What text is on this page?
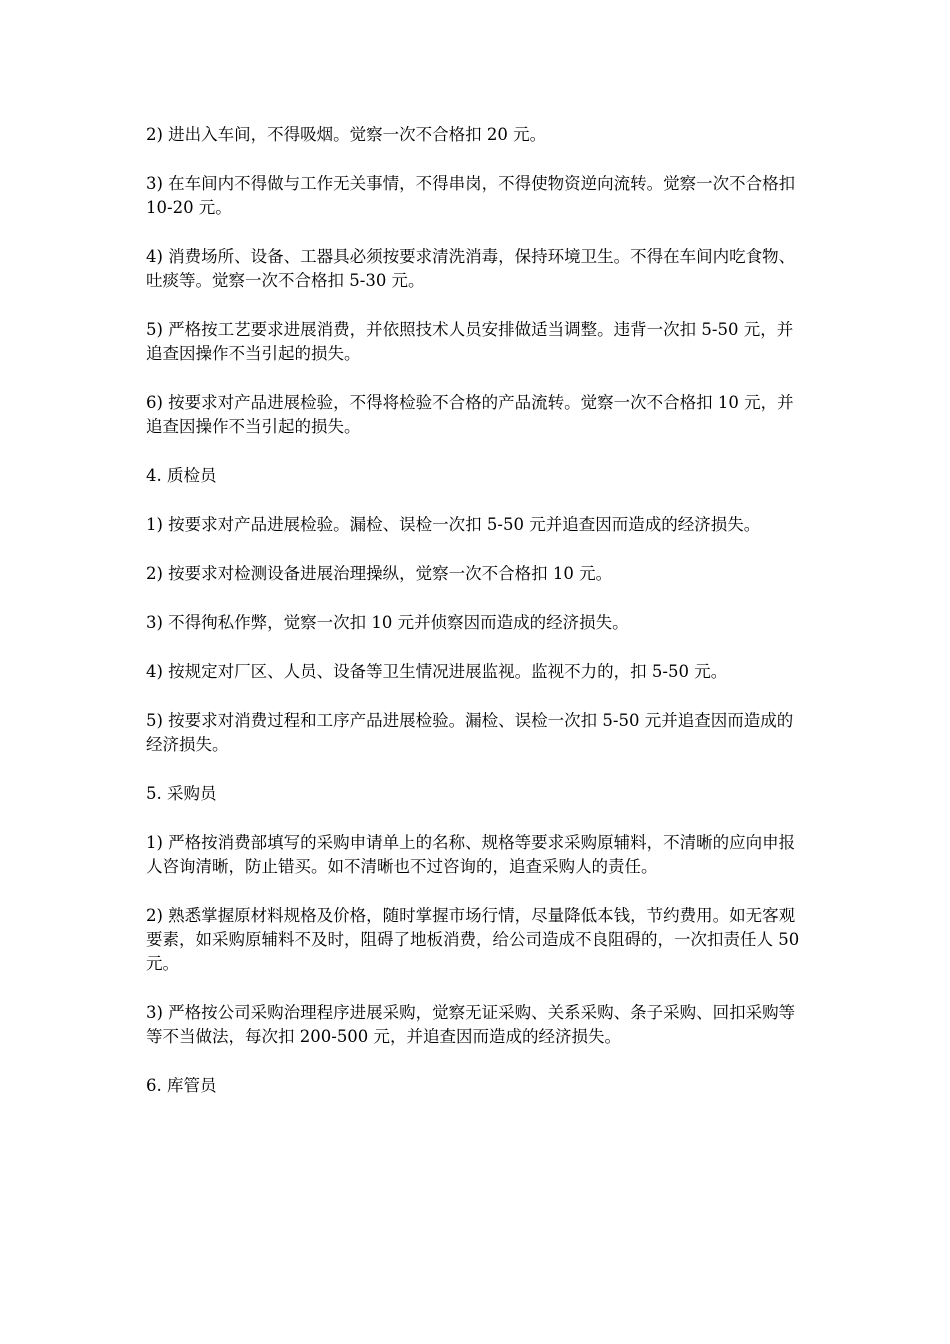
2) 进出入车间，不得吸烟。觉察一次不合格扣 20 元。

3) 在车间内不得做与工作无关事情，不得串岗，不得使物资逆向流转。觉察一次不合格扣 10-20 元。

4) 消费场所、设备、工器具必须按要求清洗消毒，保持环境卫生。不得在车间内吃食物、吐痰等。觉察一次不合格扣 5-30 元。

5) 严格按工艺要求进展消费，并依照技术人员安排做适当调整。违背一次扣 5-50 元，并追查因操作不当引起的损失。

6) 按要求对产品进展检验，不得将检验不合格的产品流转。觉察一次不合格扣 10 元，并追查因操作不当引起的损失。

4. 质检员

1) 按要求对产品进展检验。漏检、误检一次扣 5-50 元并追查因而造成的经济损失。

2) 按要求对检测设备进展治理操纵，觉察一次不合格扣 10 元。

3) 不得徇私作弊，觉察一次扣 10 元并侦察因而造成的经济损失。

4) 按规定对厂区、人员、设备等卫生情况进展监视。监视不力的，扣 5-50 元。

5) 按要求对消费过程和工序产品进展检验。漏检、误检一次扣 5-50 元并追查因而造成的经济损失。

5. 采购员

1) 严格按消费部填写的采购申请单上的名称、规格等要求采购原辅料，不清晰的应向申报人咨询清晰，防止错买。如不清晰也不过咨询的，追查采购人的责任。

2) 熟悉掌握原材料规格及价格，随时掌握市场行情，尽量降低本钱，节约费用。如无客观要素，如采购原辅料不及时，阻碍了地板消费，给公司造成不良阻碍的，一次扣责任人 50 元。

3) 严格按公司采购治理程序进展采购，觉察无证采购、关系采购、条子采购、回扣采购等等不当做法，每次扣 200-500 元，并追查因而造成的经济损失。

6. 库管员
